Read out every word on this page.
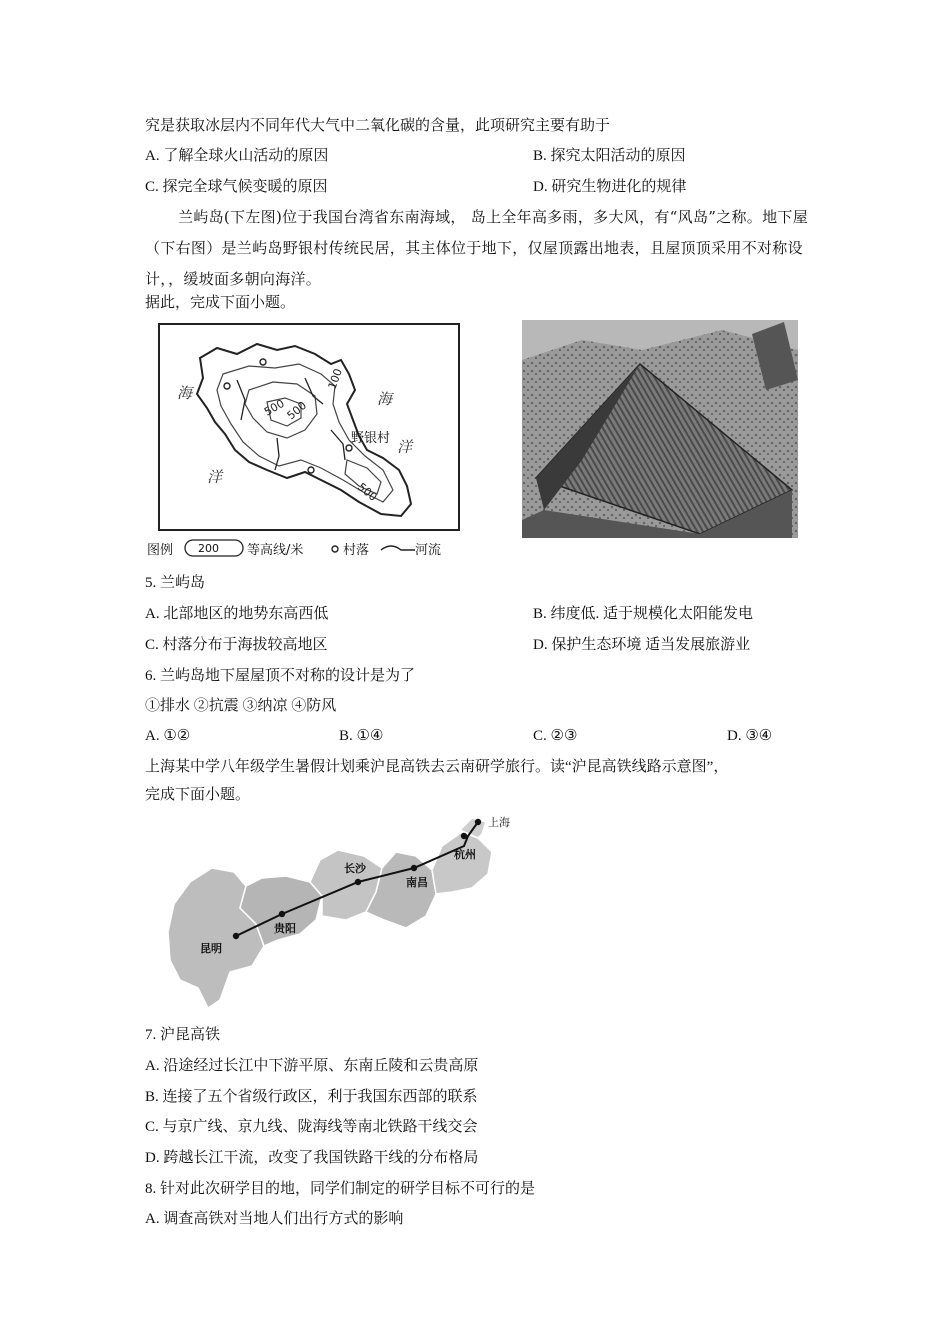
究是获取冰层内不同年代大气中二氧化碳的含量，此项研究主要有助于
A. 了解全球火山活动的原因	B. 探究太阳活动的原因
C. 探完全球气候变暖的原因	D. 研究生物进化的规律
兰屿岛(下左图)位于我国台湾省东南海域， 岛上全年高多雨，多大风，有“风岛”之称。地下屋（下右图）是兰屿岛野银村传统民居，其主体位于地下，仅屋顶露出地表，且屋顶顶采用不对称设计，，缓坡面多朝向海洋。
据此，完成下面小题。
海
洋
海
洋
100
500
500
500
野银村
图例 200 等高线/米	村落	河流
5. 兰屿岛
A. 北部地区的地势东高西低	B. 纬度低. 适于规模化太阳能发电
C. 村落分布于海拔较高地区	D. 保护生态环境 适当发展旅游业
6. 兰屿岛地下屋屋顶不对称的设计是为了
①排水 ②抗震 ③纳凉 ④防风
A. ①②	B. ①④	C. ②③	D. ③④
上海某中学八年级学生暑假计划乘沪昆高铁去云南研学旅行。读“沪昆高铁线路示意图”，
完成下面小题。
上海
杭州
南昌
长沙
贵阳
昆明
7. 沪昆高铁
A. 沿途经过长江中下游平原、东南丘陵和云贵高原
B. 连接了五个省级行政区，利于我国东西部的联系
C. 与京广线、京九线、陇海线等南北铁路干线交会
D. 跨越长江干流，改变了我国铁路干线的分布格局
8. 针对此次研学目的地，同学们制定的研学目标不可行的是
A. 调查高铁对当地人们出行方式的影响
